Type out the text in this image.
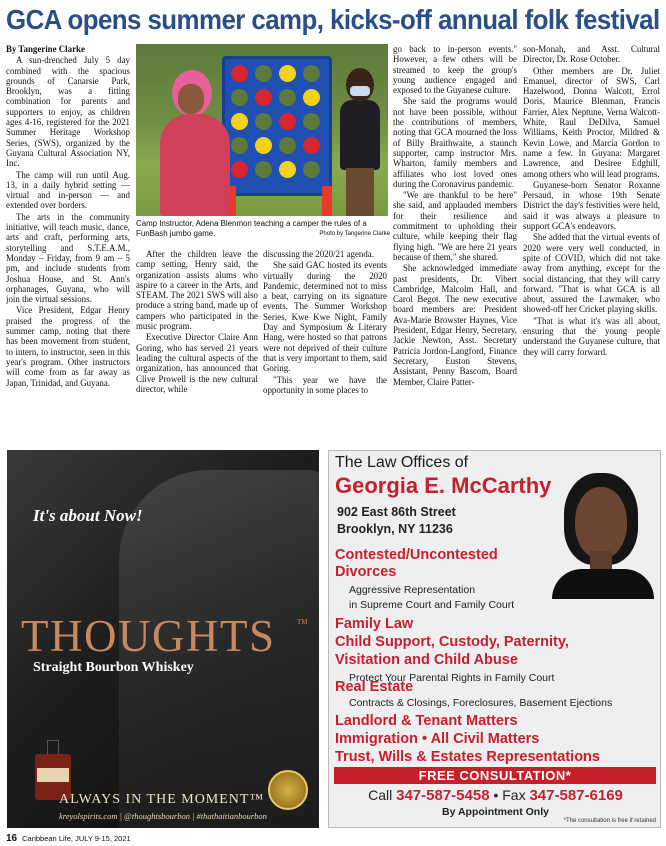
GCA opens summer camp, kicks-off annual folk festival

By Tangerine Clarke

A sun-drenched July 5 day combined with the spacious grounds of Canarsie Park, Brooklyn, was a fitting combination for parents and supporters to enjoy, as children ages 4-16, registered for the 2021 Summer Heritage Workshop Series, (SWS), organized by the Guyana Cultural Association NY, Inc.

The camp will run until Aug. 13, in a daily hybrid setting — virtual and in-person — and extended over borders.

The arts in the community initiative, will teach music, dance, arts and craft, performing arts, storytelling and S.T.E.A.M., Monday – Friday, from 9 am – 5 pm, and include students from Joshua House, and St. Ann's orphanages, Guyana, who will join the virtual sessions.

Vice President, Edgar Henry praised the progress of the summer camp, noting that there has been movement from student, to intern, to instructor, seen in this year's program. Other instructors will come from as far away as Japan, Trinidad, and Guyana.

Camp Instructor, Adena Blenmon teaching a camper the rules of a FunBash jumbo game.	Photo by Tangerine Clarke

After the children leave the camp setting, Henry said, the organization assists alums who aspire to a career in the Arts, and STEAM. The 2021 SWS will also produce a string band, made up of campers who participated in the music program.

Executive Director Claire Ann Goring, who has served 21 years leading the cultural aspects of the organization, has announced that Clive Prowell is the new cultural director, while

discussing the 2020/21 agenda.

She said GAC hosted its events virtually during the 2020 Pandemic, determined not to miss a beat, carrying on its signature events. The Summer Workshop Series, Kwe Kwe Night, Family Day and Symposium & Literary Hang, were hosted so that patrons were not deprived of their culture that is very important to them, said Goring.

"This year we have the opportunity in some places to

go back to in-person events." However, a few others will be streamed to keep the group's young audience engaged and exposed to the Guyanese culture.

She said the programs would not have been possible, without the contributions of members, noting that GCA mourned the loss of Billy Braithwaite, a staunch supporter, camp instructor Mrs. Wharton, family members and affiliates who lost loved ones during the Coronavirus pandemic.

"We are thankful to be here" she said, and applauded members for their resilience and commitment to upholding their culture, while keeping their flag flying high. "We are here 21 years because of them," she shared.

She acknowledged immediate past presidents, Dr. Vibert Cambridge, Malcolm Hall, and Carol Begot. The new executive board members are: President Ava-Marie Browster Haynes, Vice President, Edgar Henry, Secretary, Jackie Newton, Asst. Secretary Patricia Jordon-Langford, Finance Secretary, Euston Stevens, Assistant, Penny Bascom, Board Member, Claire Patter-

son-Monah, and Asst. Cultural Director, Dr. Rose October.

Other members are Dr. Juliet Emanuel, director of SWS, Carl Hazelwood, Donna Walcott, Errol Doris, Maurice Blenman, Francis Farrier, Alex Neptune, Verna Walcott-White, Raul DeDilva, Samuel Williams, Keith Proctor, Mildred & Kevin Lowe, and Marcia Gordon to name a few. In Guyana: Margaret Lawrence, and Desiree Edghill, among others who will lead programs.

Guyanese-born Senator Roxanne Persaud, in whose 19th Senate District the day's festivities were held, said it was always a pleasure to support GCA's endeavors.

She added that the virtual events of 2020 were very well conducted, in spite of COVID, which did not take away from anything, except for the social distancing, that they will carry forward. "That is what GCA is all about, assured the Lawmaker, who showed-off her Cricket playing skills.

"That is what it's was all about, ensuring that the young people understand the Guyanese culture, that they will carry forward.

It's about Now!
THOUGHTS	TM
Straight Bourbon Whiskey
ALWAYS IN THE MOMENT™
kreyolspirits.com | @thoughtsbourbon | #thathaitianbourbon
The Law Offices of
Georgia E. McCarthy
902 East 86th Street
Brooklyn, NY 11236
Contested/Uncontested
Divorces
Aggressive Representation
in Supreme Court and Family Court
Family Law
Child Support, Custody, Paternity,
Visitation and Child Abuse
Protect Your Parental Rights in Family Court
Real Estate
Contracts & Closings, Foreclosures, Basement Ejections
Landlord & Tenant Matters
Immigration • All Civil Matters
Trust, Wills & Estates Representations
FREE CONSULTATION*
Call 347-587-5458 • Fax 347-587-6169
By Appointment Only
*The consultation is free if retained
16 Caribbean Life, JULY 9-15, 2021
